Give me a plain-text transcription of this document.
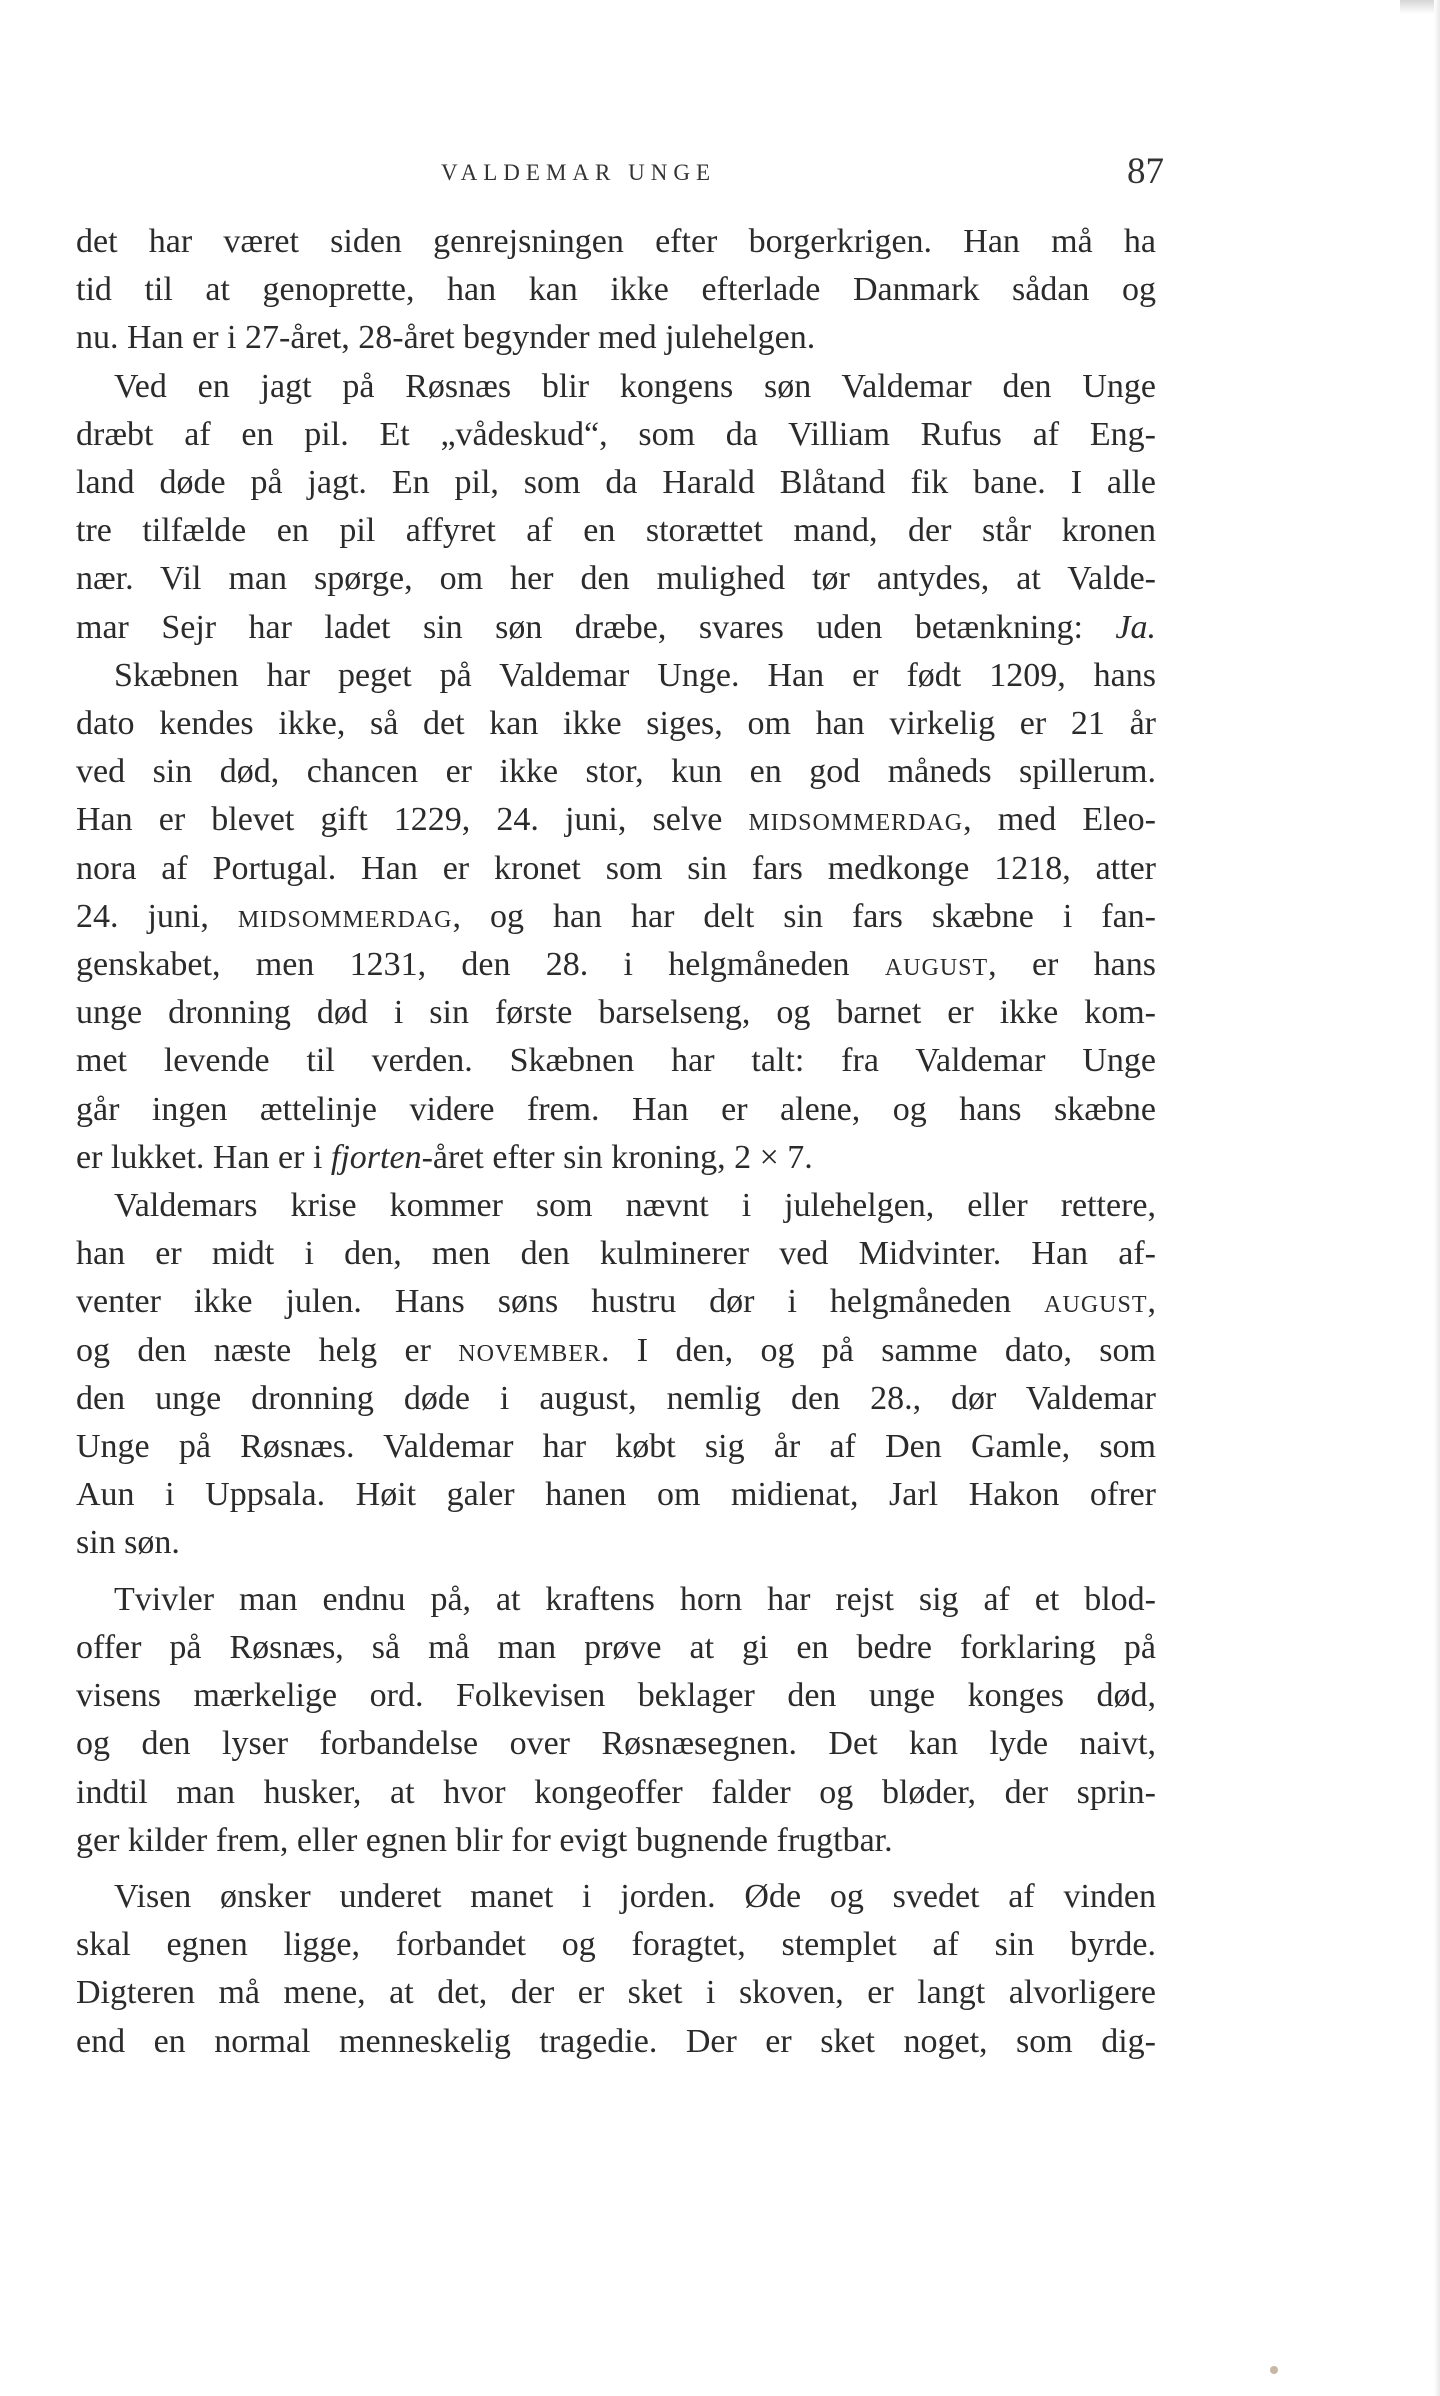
VALDEMAR UNGE	87
det har været siden genrejsningen efter borgerkrigen. Han må ha
tid til at genoprette, han kan ikke efterlade Danmark sådan og
nu. Han er i 27-året, 28-året begynder med julehelgen.
Ved en jagt på Røsnæs blir kongens søn Valdemar den Unge
dræbt af en pil. Et „vådeskud“, som da Villiam Rufus af Eng-
land døde på jagt. En pil, som da Harald Blåtand fik bane. I alle
tre tilfælde en pil affyret af en storættet mand, der står kronen
nær. Vil man spørge, om her den mulighed tør antydes, at Valde-
mar Sejr har ladet sin søn dræbe, svares uden betænkning: Ja.
Skæbnen har peget på Valdemar Unge. Han er født 1209, hans
dato kendes ikke, så det kan ikke siges, om han virkelig er 21 år
ved sin død, chancen er ikke stor, kun en god måneds spillerum.
Han er blevet gift 1229, 24. juni, selve midsommerdag, med Eleo-
nora af Portugal. Han er kronet som sin fars medkonge 1218, atter
24. juni, midsommerdag, og han har delt sin fars skæbne i fan-
genskabet, men 1231, den 28. i helgmåneden august, er hans
unge dronning død i sin første barselseng, og barnet er ikke kom-
met levende til verden. Skæbnen har talt: fra Valdemar Unge
går ingen ættelinje videre frem. Han er alene, og hans skæbne
er lukket. Han er i fjorten-året efter sin kroning, 2 × 7.
Valdemars krise kommer som nævnt i julehelgen, eller rettere,
han er midt i den, men den kulminerer ved Midvinter. Han af-
venter ikke julen. Hans søns hustru dør i helgmåneden august,
og den næste helg er november. I den, og på samme dato, som
den unge dronning døde i august, nemlig den 28., dør Valdemar
Unge på Røsnæs. Valdemar har købt sig år af Den Gamle, som
Aun i Uppsala. Høit galer hanen om midienat, Jarl Hakon ofrer
sin søn.
Tvivler man endnu på, at kraftens horn har rejst sig af et blod-
offer på Røsnæs, så må man prøve at gi en bedre forklaring på
visens mærkelige ord. Folkevisen beklager den unge konges død,
og den lyser forbandelse over Røsnæsegnen. Det kan lyde naivt,
indtil man husker, at hvor kongeoffer falder og bløder, der sprin-
ger kilder frem, eller egnen blir for evigt bugnende frugtbar.
Visen ønsker underet manet i jorden. Øde og svedet af vinden
skal egnen ligge, forbandet og foragtet, stemplet af sin byrde.
Digteren må mene, at det, der er sket i skoven, er langt alvorligere
end en normal menneskelig tragedie. Der er sket noget, som dig-
